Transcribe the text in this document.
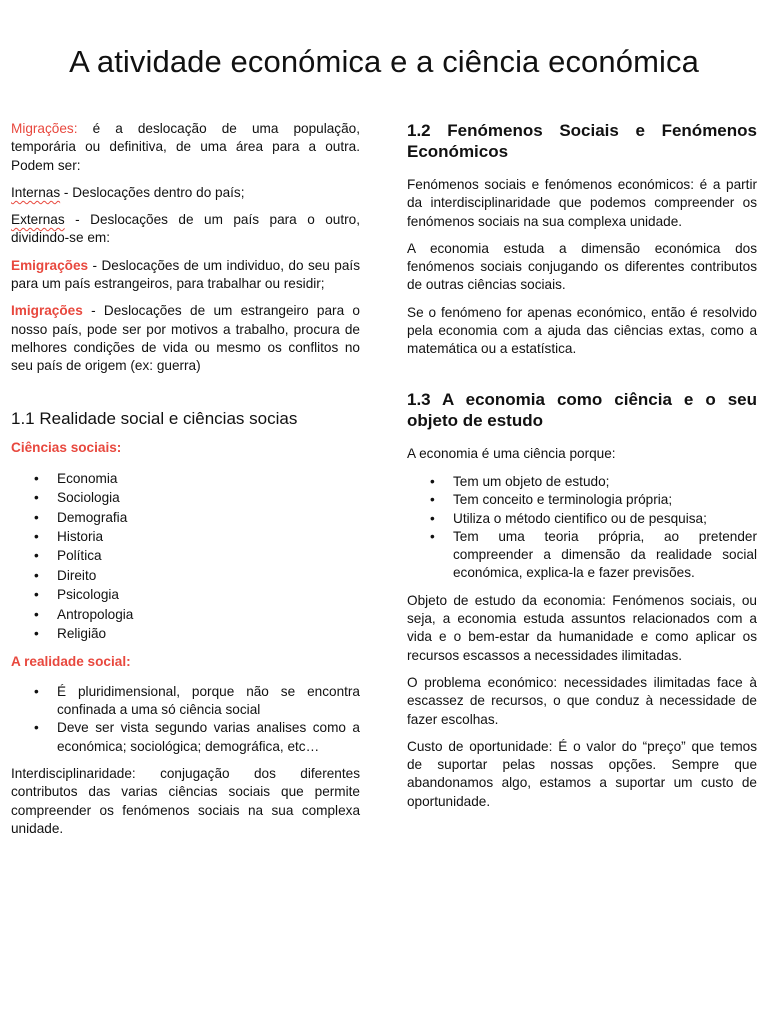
A atividade económica e a ciência económica

Migrações: é a deslocação de uma população, temporária ou definitiva, de uma área para a outra. Podem ser:

Internas - Deslocações dentro do país;

Externas - Deslocações de um país para o outro, dividindo-se em:

Emigrações - Deslocações de um individuo, do seu país para um país estrangeiros, para trabalhar ou residir;

Imigrações - Deslocações de um estrangeiro para o nosso país, pode ser por motivos a trabalho, procura de melhores condições de vida ou mesmo os conflitos no seu país de origem (ex: guerra)

1.1 Realidade social e ciências socias

Ciências sociais:

• Economia
• Sociologia
• Demografia
• Historia
• Política
• Direito
• Psicologia
• Antropologia
• Religião

A realidade social:

• É pluridimensional, porque não se encontra confinada a uma só ciência social
• Deve ser vista segundo varias analises como a económica; sociológica; demográfica, etc…

Interdisciplinaridade: conjugação dos diferentes contributos das varias ciências sociais que permite compreender os fenómenos sociais na sua complexa unidade.

1.2 Fenómenos Sociais e Fenómenos Económicos

Fenómenos sociais e fenómenos económicos: é a partir da interdisciplinaridade que podemos compreender os fenómenos sociais na sua complexa unidade.

A economia estuda a dimensão económica dos fenómenos sociais conjugando os diferentes contributos de outras ciências sociais.

Se o fenómeno for apenas económico, então é resolvido pela economia com a ajuda das ciências extas, como a matemática ou a estatística.

1.3 A economia como ciência e o seu objeto de estudo

A economia é uma ciência porque:

• Tem um objeto de estudo;
• Tem conceito e terminologia própria;
• Utiliza o método cientifico ou de pesquisa;
• Tem uma teoria própria, ao pretender compreender a dimensão da realidade social económica, explica-la e fazer previsões.

Objeto de estudo da economia: Fenómenos sociais, ou seja, a economia estuda assuntos relacionados com a vida e o bem-estar da humanidade e como aplicar os recursos escassos a necessidades ilimitadas.

O problema económico: necessidades ilimitadas face à escassez de recursos, o que conduz à necessidade de fazer escolhas.

Custo de oportunidade: É o valor do “preço” que temos de suportar pelas nossas opções. Sempre que abandonamos algo, estamos a suportar um custo de oportunidade.
